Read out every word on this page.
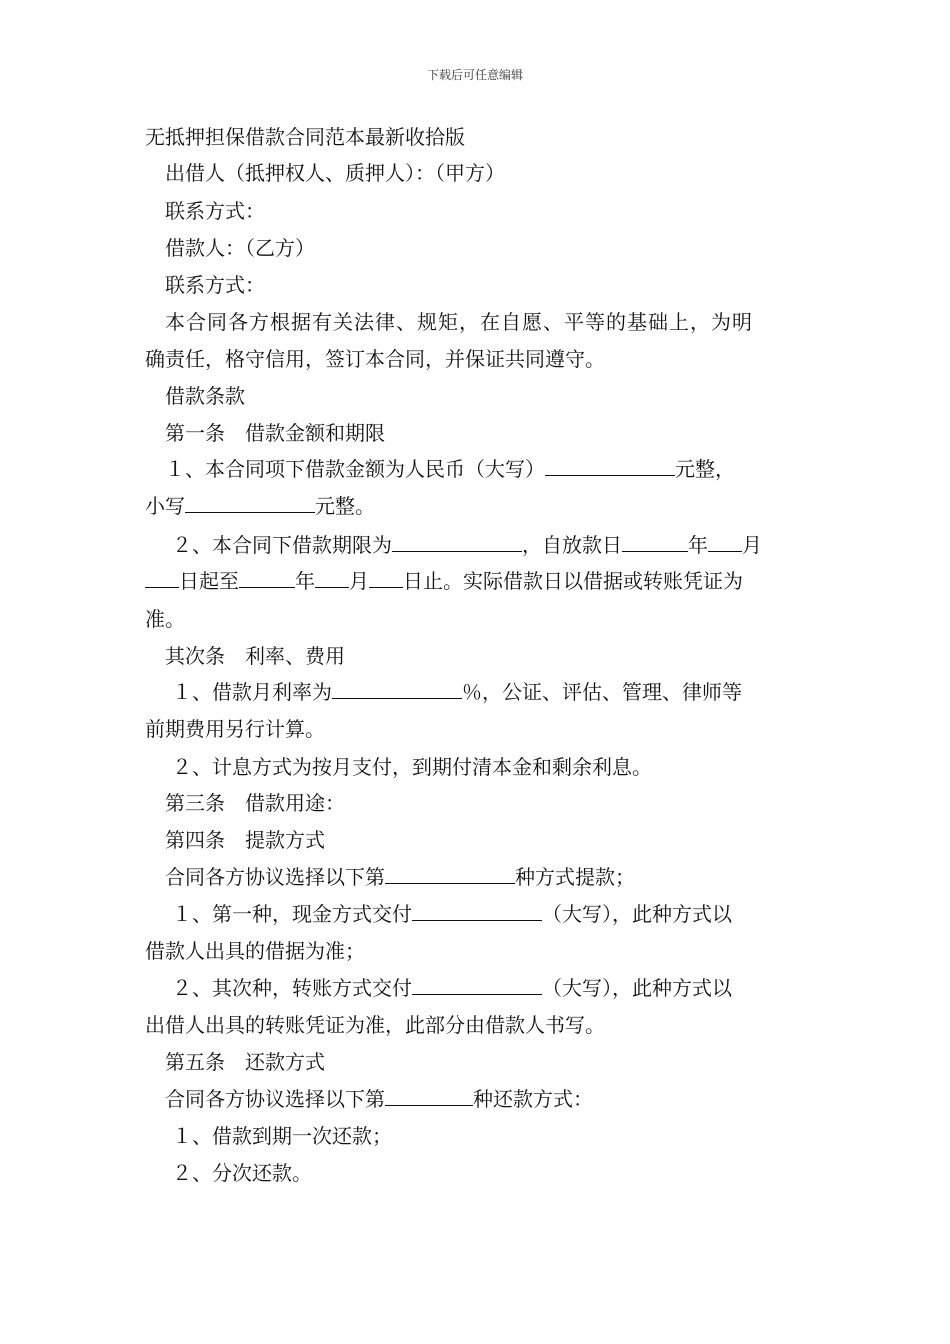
下载后可任意编辑
无抵押担保借款合同范本最新收拾版
出借人（抵押权人、质押人）：（甲方）
联系方式：
借款人：（乙方）
联系方式：
本合同各方根据有关法律、规矩，在自愿、平等的基础上，为明
确责任，格守信用，签订本合同，并保证共同遵守。
借款条款
第一条　借款金额和期限
１、本合同项下借款金额为人民币（大写）	元整，
小写	元整。
２、本合同下借款期限为	，自放款日	年 月
日起至	年 月 日止。实际借款日以借据或转账凭证为
准。
其次条　利率、费用
１、借款月利率为	％，公证、评估、管理、律师等
前期费用另行计算。
２、计息方式为按月支付，到期付清本金和剩余利息。
第三条　借款用途：
第四条　提款方式
合同各方协议选择以下第	种方式提款；
１、第一种，现金方式交付	（大写），此种方式以
借款人出具的借据为准；
２、其次种，转账方式交付	（大写），此种方式以
出借人出具的转账凭证为准，此部分由借款人书写。
第五条　还款方式
合同各方协议选择以下第	种还款方式：
１、借款到期一次还款；
２、分次还款。
